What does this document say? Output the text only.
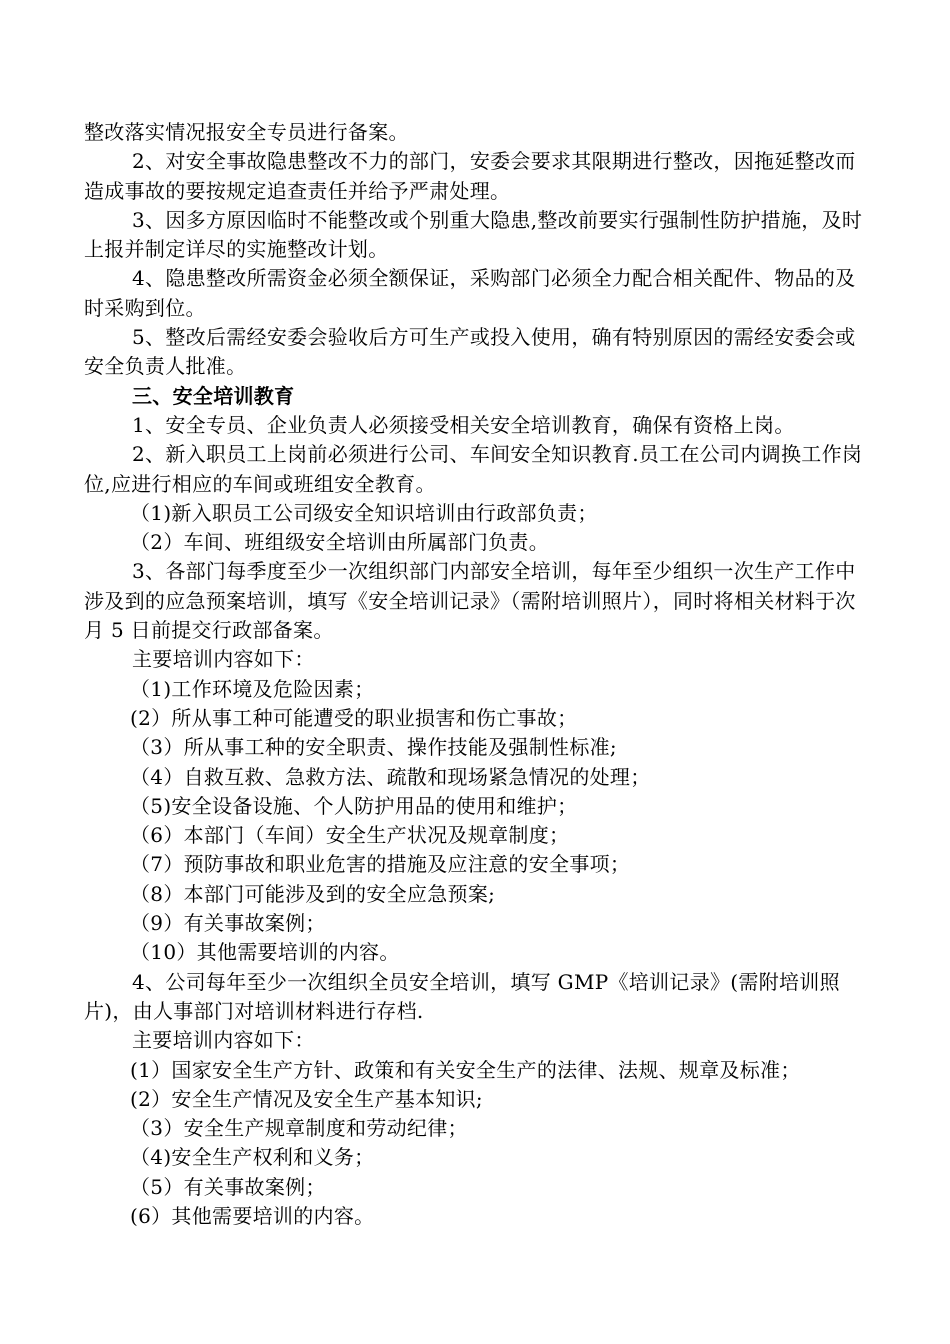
整改落实情况报安全专员进行备案。

2、对安全事故隐患整改不力的部门，安委会要求其限期进行整改，因拖延整改而造成事故的要按规定追查责任并给予严肃处理。

3、因多方原因临时不能整改或个别重大隐患,整改前要实行强制性防护措施，及时上报并制定详尽的实施整改计划。

4、隐患整改所需资金必须全额保证，采购部门必须全力配合相关配件、物品的及时采购到位。

5、整改后需经安委会验收后方可生产或投入使用，确有特别原因的需经安委会或安全负责人批准。

三、安全培训教育

1、安全专员、企业负责人必须接受相关安全培训教育，确保有资格上岗。

2、新入职员工上岗前必须进行公司、车间安全知识教育.员工在公司内调换工作岗位,应进行相应的车间或班组安全教育。

（1)新入职员工公司级安全知识培训由行政部负责；

（2）车间、班组级安全培训由所属部门负责。

3、各部门每季度至少一次组织部门内部安全培训，每年至少组织一次生产工作中涉及到的应急预案培训，填写《安全培训记录》（需附培训照片），同时将相关材料于次月 5 日前提交行政部备案。

主要培训内容如下：

（1)工作环境及危险因素；

(2）所从事工种可能遭受的职业损害和伤亡事故；

（3）所从事工种的安全职责、操作技能及强制性标准;

（4）自救互救、急救方法、疏散和现场紧急情况的处理；

（5)安全设备设施、个人防护用品的使用和维护；

（6）本部门（车间）安全生产状况及规章制度；

（7）预防事故和职业危害的措施及应注意的安全事项；

（8）本部门可能涉及到的安全应急预案;

（9）有关事故案例；

（10）其他需要培训的内容。

4、公司每年至少一次组织全员安全培训，填写 GMP《培训记录》(需附培训照片)，由人事部门对培训材料进行存档.

主要培训内容如下：

(1）国家安全生产方针、政策和有关安全生产的法律、法规、规章及标准；

(2）安全生产情况及安全生产基本知识;

（3）安全生产规章制度和劳动纪律；

（4)安全生产权利和义务；

（5）有关事故案例；

(6）其他需要培训的内容。
